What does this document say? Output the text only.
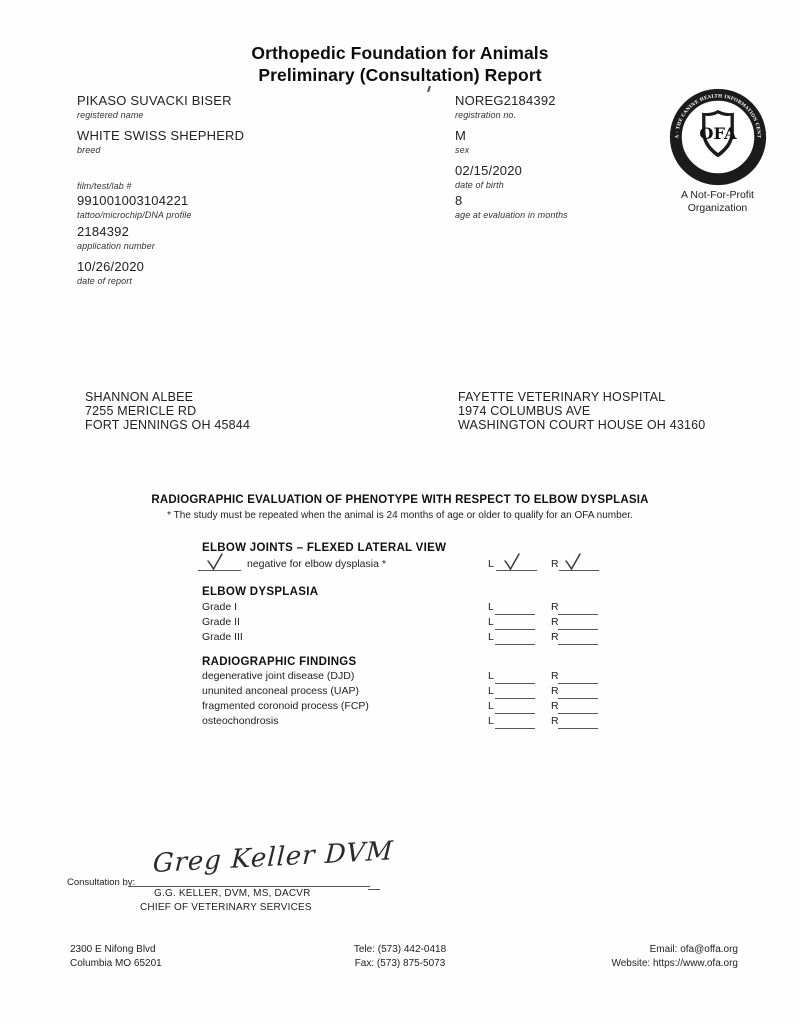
Orthopedic Foundation for Animals
Preliminary (Consultation) Report
PIKASO SUVACKI BISER
registered name
WHITE SWISS SHEPHERD
breed
film/test/lab #
991001003104221
tattoo/microchip/DNA profile
2184392
application number
10/26/2020
date of report
NOREG2184392
registration no.
M
sex
02/15/2020
date of birth
8
age at evaluation in months
OFA · THE CANINE HEALTH INFORMATION CENTER
· SINCE 1966 ·
OFA
A Not-For-Profit
Organization
SHANNON ALBEE
7255 MERICLE RD
FORT JENNINGS OH 45844
FAYETTE VETERINARY HOSPITAL
1974 COLUMBUS AVE
WASHINGTON COURT HOUSE OH 43160
RADIOGRAPHIC EVALUATION OF PHENOTYPE WITH RESPECT TO ELBOW DYSPLASIA
* The study must be repeated when the animal is 24 months of age or older to qualify for an OFA number.
ELBOW JOINTS – FLEXED LATERAL VIEW
negative for elbow dysplasia *	L	R
ELBOW DYSPLASIA
Grade I	L	R
Grade II	L	R
Grade III	L	R
RADIOGRAPHIC FINDINGS
degenerative joint disease (DJD)	L	R
ununited anconeal process (UAP)	L	R
fragmented coronoid process (FCP)	L	R
osteochondrosis	L	R
Consultation by:
Greg Keller DVM
G.G. KELLER, DVM, MS, DACVR
CHIEF OF VETERINARY SERVICES
2300 E Nifong Blvd
Columbia MO 65201
Tele: (573) 442-0418
Fax: (573) 875-5073
Email: ofa@offa.org
Website: https://www.ofa.org
